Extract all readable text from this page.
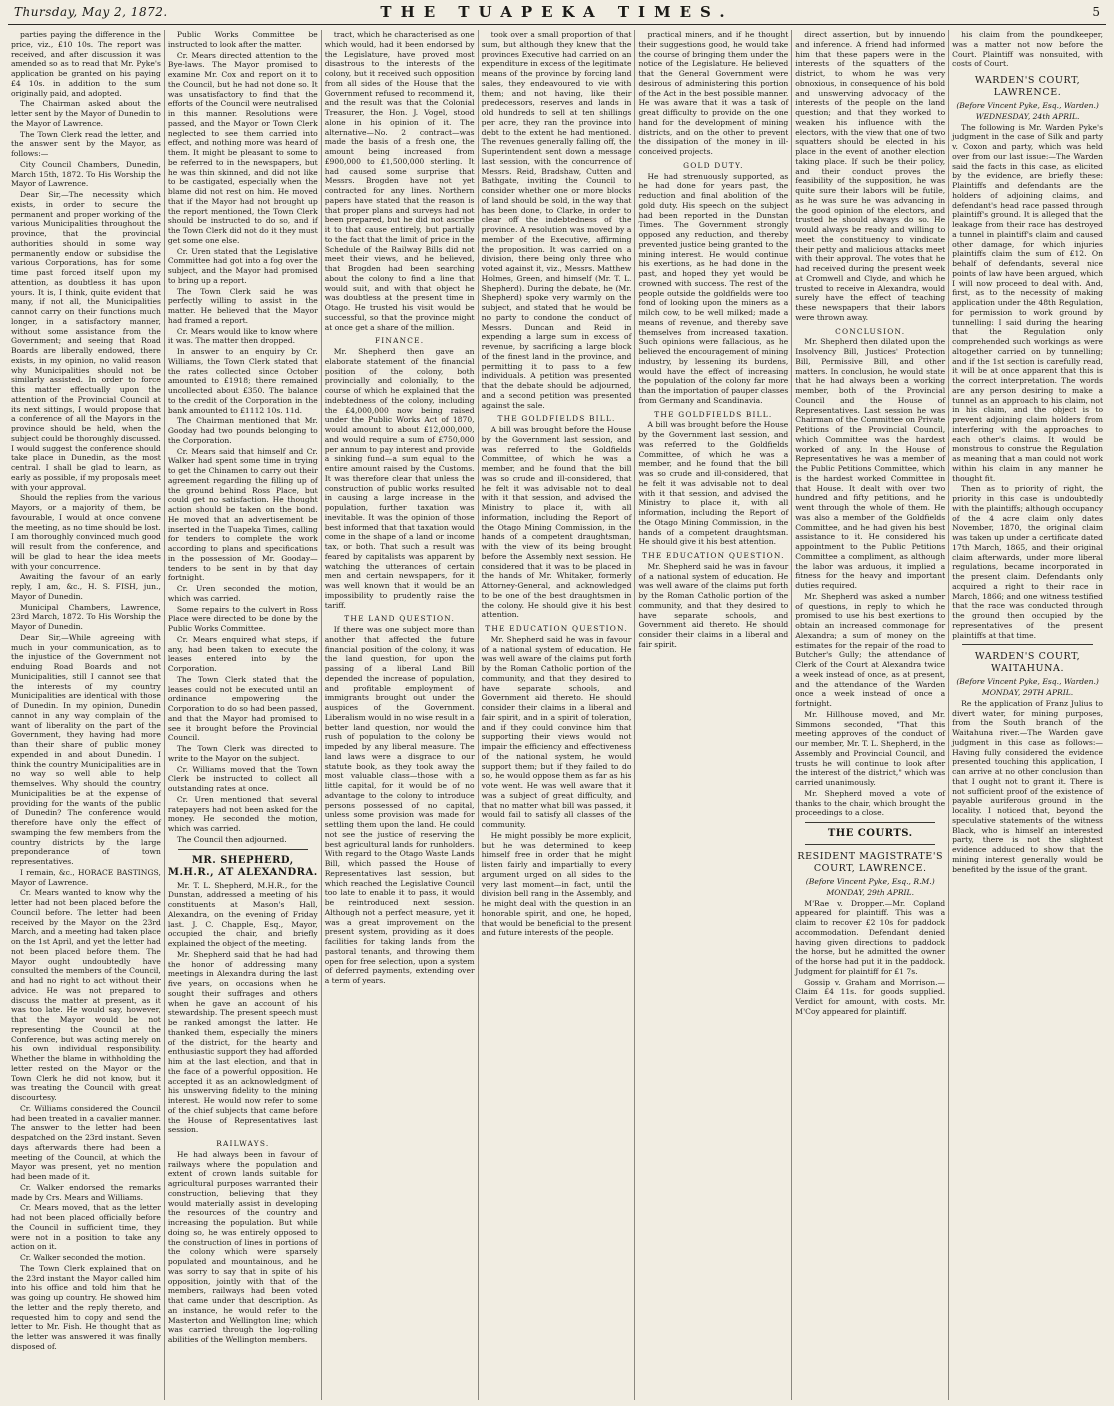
Thursday, May 2, 1872.	THE TUAPEKA TIMES.	5

parties paying the difference in the price, viz., £10 10s. The report was received, and after discussion it was amended so as to read that Mr. Pyke's application be granted on his paying £4 10s. in addition to the sum originally paid, and adopted.

The Chairman asked about the letter sent by the Mayor of Dunedin to the Mayor of Lawrence.

The Town Clerk read the letter, and the answer sent by the Mayor, as follows:—

City Council Chambers, Dunedin, March 15th, 1872. To His Worship the Mayor of Lawrence.

Dear Sir,—The necessity which exists, in order to secure the permanent and proper working of the various Municipalities throughout the province, that the provincial authorities should in some way permanently endow or subsidise the various Corporations, has for some time past forced itself upon my attention, as doubtless it has upon yours. It is, I think, quite evident that many, if not all, the Municipalities cannot carry on their functions much longer, in a satisfactory manner, without some assistance from the Government; and seeing that Road Boards are liberally endowed, there exists, in my opinion, no valid reason why Municipalities should not be similarly assisted. In order to force this matter effectually upon the attention of the Provincial Council at its next sittings, I would propose that a conference of all the Mayors in the province should be held, when the subject could be thoroughly discussed. I would suggest the conference should take place in Dunedin, as the most central. I shall be glad to learn, as early as possible, if my proposals meet with your approval.

Should the replies from the various Mayors, or a majority of them, be favourable, I would at once convene the meeting, as no time should be lost. I am thoroughly convinced much good will result from the conference, and will be glad to hear the idea meets with your concurrence.

Awaiting the favour of an early reply, I am, &c., H. S. FISH, jun., Mayor of Dunedin.

Municipal Chambers, Lawrence, 23rd March, 1872. To His Worship the Mayor of Dunedin.

Dear Sir,—While agreeing with much in your communication, as to the injustice of the Government not enduing Road Boards and not Municipalities, still I cannot see that the interests of my country Municipalities are identical with those of Dunedin. In my opinion, Dunedin cannot in any way complain of the want of liberality on the part of the Government, they having had more than their share of public money expended in and about Dunedin. I think the country Municipalities are in no way so well able to help themselves. Why should the country Municipalities be at the expense of providing for the wants of the public of Dunedin? The conference would therefore have only the effect of swamping the few members from the country districts by the large preponderance of town representatives.

I remain, &c., HORACE BASTINGS, Mayor of Lawrence.

Cr. Mears wanted to know why the letter had not been placed before the Council before. The letter had been received by the Mayor on the 23rd March, and a meeting had taken place on the 1st April, and yet the letter had not been placed before them. The Mayor ought undoubtedly have consulted the members of the Council, and had no right to act without their advice. He was not prepared to discuss the matter at present, as it was too late. He would say, however, that the Mayor would be not representing the Council at the Conference, but was acting merely on his own individual responsibility. Whether the blame in withholding the letter rested on the Mayor or the Town Clerk he did not know, but it was treating the Council with great discourtesy.

Cr. Williams considered the Council had been treated in a cavalier manner. The answer to the letter had been despatched on the 23rd instant. Seven days afterwards there had been a meeting of the Council, at which the Mayor was present, yet no mention had been made of it.

Cr. Walker endorsed the remarks made by Crs. Mears and Williams.

Cr. Mears moved, that as the letter had not been placed officially before the Council in sufficient time, they were not in a position to take any action on it.

Cr. Walker seconded the motion.

The Town Clerk explained that on the 23rd instant the Mayor called him into his office and told him that he was going up country. He showed him the letter and the reply thereto, and requested him to copy and send the letter to Mr. Fish. He thought that as the letter was answered it was finally disposed of.

Public Works Committee be instructed to look after the matter.

Cr. Mears directed attention to the Bye-laws. The Mayor promised to examine Mr. Cox and report on it to the Council, but he had not done so. It was unsatisfactory to find that the efforts of the Council were neutralised in this manner. Resolutions were passed, and the Mayor or Town Clerk neglected to see them carried into effect, and nothing more was heard of them. It might be pleasant to some to be referred to in the newspapers, but he was thin skinned, and did not like to be castigated, especially when the blame did not rest on him. He moved that if the Mayor had not brought up the report mentioned, the Town Clerk should be instructed to do so, and if the Town Clerk did not do it they must get some one else.

Cr. Uren stated that the Legislative Committee had got into a fog over the subject, and the Mayor had promised to bring up a report.

The Town Clerk said he was perfectly willing to assist in the matter. He believed that the Mayor had framed a report.

Cr. Mears would like to know where it was. The matter then dropped.

In answer to an enquiry by Cr. Williams, the Town Clerk stated that the rates collected since October amounted to £1918; there remained uncollected about £350. The balance to the credit of the Corporation in the bank amounted to £1112 10s. 11d.

The Chairman mentioned that Mr. Gooday had two pounds belonging to the Corporation.

Cr. Mears said that himself and Cr. Walker had spent some time in trying to get the Chinamen to carry out their agreement regarding the filling up of the ground behind Ross Place, but could get no satisfaction. He thought action should be taken on the bond. He moved that an advertisement be inserted in the Tuapeka Times, calling for tenders to complete the work according to plans and specifications in the possession of Mr. Gooday—tenders to be sent in by that day fortnight.

Cr. Uren seconded the motion, which was carried.

Some repairs to the culvert in Ross Place were directed to be done by the Public Works Committee.

Cr. Mears enquired what steps, if any, had been taken to execute the leases entered into by the Corporation.

The Town Clerk stated that the leases could not be executed until an ordinance empowering the Corporation to do so had been passed, and that the Mayor had promised to see it brought before the Provincial Council.

The Town Clerk was directed to write to the Mayor on the subject.

Cr. Williams moved that the Town Clerk be instructed to collect all outstanding rates at once.

Cr. Uren mentioned that several ratepayers had not been asked for the money. He seconded the motion, which was carried.

The Council then adjourned.

MR. SHEPHERD, M.H.R., AT ALEXANDRA.

Mr. T. L. Shepherd, M.H.R., for the Dunstan, addressed a meeting of his constituents at Mason's Hall, Alexandra, on the evening of Friday last. J. C. Chapple, Esq., Mayor, occupied the chair, and briefly explained the object of the meeting.

Mr. Shepherd said that he had had the honor of addressing many meetings in Alexandra during the last five years, on occasions when he sought their suffrages and others when he gave an account of his stewardship. The present speech must be ranked amongst the latter. He thanked them, especially the miners of the district, for the hearty and enthusiastic support they had afforded him at the last election, and that in the face of a powerful opposition. He accepted it as an acknowledgment of his unswerving fidelity to the mining interest. He would now refer to some of the chief subjects that came before the House of Representatives last session.

RAILWAYS.

He had always been in favour of railways where the population and extent of crown lands suitable for agricultural purposes warranted their construction, believing that they would materially assist in developing the resources of the country and increasing the population. But while doing so, he was entirely opposed to the construction of lines in portions of the colony which were sparsely populated and mountainous, and he was sorry to say that in spite of his opposition, jointly with that of the members, railways had been voted that came under that description. As an instance, he would refer to the Masterton and Wellington line; which was carried through the log-rolling abilities of the Wellington members.

tract, which he characterised as one which would, had it been endorsed by the Legislature, have proved most disastrous to the interests of the colony, but it received such opposition from all sides of the House that the Government refused to recommend it, and the result was that the Colonial Treasurer, the Hon. J. Vogel, stood alone in his opinion of it. The alternative—No. 2 contract—was made the basis of a fresh one, the amount being increased from £900,000 to £1,500,000 sterling. It had caused some surprise that Messrs. Brogden have not yet contracted for any lines. Northern papers have stated that the reason is that proper plans and surveys had not been prepared, but he did not ascribe it to that cause entirely, but partially to the fact that the limit of price in the Schedule of the Railway Bills did not meet their views, and he believed, that Brogden had been searching about the colony to find a line that would suit, and with that object he was doubtless at the present time in Otago. He trusted his visit would be successful, so that the province might at once get a share of the million.

FINANCE.

Mr. Shepherd then gave an elaborate statement of the financial position of the colony, both provincially and colonially, to the course of which he explained that the indebtedness of the colony, including the £4,000,000 now being raised under the Public Works Act of 1870, would amount to about £12,000,000, and would require a sum of £750,000 per annum to pay interest and provide a sinking fund—a sum equal to the entire amount raised by the Customs. It was therefore clear that unless the construction of public works resulted in causing a large increase in the population, further taxation was inevitable. It was the opinion of those best informed that that taxation would come in the shape of a land or income tax, or both. That such a result was feared by capitalists was apparent by watching the utterances of certain men and certain newspapers, for it was well known that it would be an impossibility to prudently raise the tariff.

THE LAND QUESTION.

If there was one subject more than another that affected the future financial position of the colony, it was the land question, for upon the passing of a liberal Land Bill depended the increase of population, and profitable employment of immigrants brought out under the auspices of the Government. Liberalism would in no wise result in a better land question, nor would the rush of population to the colony be impeded by any liberal measure. The land laws were a disgrace to our statute book, as they took away the most valuable class—those with a little capital, for it would be of no advantage to the colony to introduce persons possessed of no capital, unless some provision was made for settling them upon the land. He could not see the justice of reserving the best agricultural lands for runholders. With regard to the Otago Waste Lands Bill, which passed the House of Representatives last session, but which reached the Legislative Council too late to enable it to pass, it would be reintroduced next session. Although not a perfect measure, yet it was a great improvement on the present system, providing as it does facilities for taking lands from the pastoral tenants, and throwing them open for free selection, upon a system of deferred payments, extending over a term of years.

took over a small proportion of that sum, but although they knew that the provinces Executive had carried on an expenditure in excess of the legitimate means of the province by forcing land sales, they endeavoured to vie with them; and not having, like their predecessors, reserves and lands in old hundreds to sell at ten shillings per acre, they ran the province into debt to the extent he had mentioned. The revenues generally falling off, the Superintendent sent down a message last session, with the concurrence of Messrs. Reid, Bradshaw, Cutten and Bathgate, inviting the Council to consider whether one or more blocks of land should be sold, in the way that has been done, to Clarke, in order to clear off the indebtedness of the province. A resolution was moved by a member of the Executive, affirming the proposition. It was carried on a division, there being only three who voted against it, viz., Messrs. Matthew Holmes, Green, and himself (Mr. T. L. Shepherd). During the debate, he (Mr. Shepherd) spoke very warmly on the subject, and stated that he would be no party to condone the conduct of Messrs. Duncan and Reid in expending a large sum in excess of revenue, by sacrificing a large block of the finest land in the province, and permitting it to pass to a few individuals. A petition was presented that the debate should be adjourned, and a second petition was presented against the sale.

THE GOLDFIELDS BILL.

A bill was brought before the House by the Government last session, and was referred to the Goldfields Committee, of which he was a member, and he found that the bill was so crude and ill-considered, that he felt it was advisable not to deal with it that session, and advised the Ministry to place it, with all information, including the Report of the Otago Mining Commission, in the hands of a competent draughtsman, with the view of its being brought before the Assembly next session. He considered that it was to be placed in the hands of Mr. Whitaker, formerly Attorney-General, and acknowledged to be one of the best draughtsmen in the colony. He should give it his best attention.

THE EDUCATION QUESTION.

Mr. Shepherd said he was in favour of a national system of education. He was well aware of the claims put forth by the Roman Catholic portion of the community, and that they desired to have separate schools, and Government aid thereto. He should consider their claims in a liberal and fair spirit, and in a spirit of toleration, and if they could convince him that supporting their views would not impair the efficiency and effectiveness of the national system, he would support them; but if they failed to do so, he would oppose them as far as his vote went. He was well aware that it was a subject of great difficulty, and that no matter what bill was passed, it would fail to satisfy all classes of the community.

He might possibly be more explicit, but he was determined to keep himself free in order that he might listen fairly and impartially to every argument urged on all sides to the very last moment—in fact, until the division bell rang in the Assembly, and he might deal with the question in an honorable spirit, and one, he hoped, that would be beneficial to the present and future interests of the people.

practical miners, and if he thought their suggestions good, he would take the course of bringing them under the notice of the Legislature. He believed that the General Government were desirous of administering this portion of the Act in the best possible manner. He was aware that it was a task of great difficulty to provide on the one hand for the development of mining districts, and on the other to prevent the dissipation of the money in ill-conceived projects.

GOLD DUTY.

He had strenuously supported, as he had done for years past, the reduction and final abolition of the gold duty. His speech on the subject had been reported in the Dunstan Times. The Government strongly opposed any reduction, and thereby prevented justice being granted to the mining interest. He would continue his exertions, as he had done in the past, and hoped they yet would be crowned with success. The rest of the people outside the goldfields were too fond of looking upon the miners as a milch cow, to be well milked; made a means of revenue, and thereby save themselves from increased taxation. Such opinions were fallacious, as he believed the encouragement of mining industry, by lessening its burdens, would have the effect of increasing the population of the colony far more than the importation of pauper classes from Germany and Scandinavia.

THE GOLDFIELDS BILL.

A bill was brought before the House by the Government last session, and was referred to the Goldfields Committee, of which he was a member, and he found that the bill was so crude and ill-considered, that he felt it was advisable not to deal with it that session, and advised the Ministry to place it, with all information, including the Report of the Otago Mining Commission, in the hands of a competent draughtsman. He should give it his best attention.

THE EDUCATION QUESTION.

Mr. Shepherd said he was in favour of a national system of education. He was well aware of the claims put forth by the Roman Catholic portion of the community, and that they desired to have separate schools, and Government aid thereto. He should consider their claims in a liberal and fair spirit.

direct assertion, but by innuendo and inference. A friend had informed him that these papers were in the interests of the squatters of the district, to whom he was very obnoxious, in consequence of his bold and unswerving advocacy of the interests of the people on the land question; and that they worked to weaken his influence with the electors, with the view that one of two squatters should be elected in his place in the event of another election taking place. If such be their policy, and their conduct proves the feasibility of the supposition, he was quite sure their labors will be futile, as he was sure he was advancing in the good opinion of the electors, and trusted he should always do so. He would always be ready and willing to meet the constituency to vindicate their petty and malicious attacks meet with their approval. The votes that he had received during the present week at Cromwell and Clyde, and which he trusted to receive in Alexandra, would surely have the effect of teaching these newspapers that their labors were thrown away.

CONCLUSION.

Mr. Shepherd then dilated upon the Insolvency Bill, Justices' Protection Bill, Permissive Bill, and other matters. In conclusion, he would state that he had always been a working member, both of the Provincial Council and the House of Representatives. Last session he was Chairman of the Committee on Private Petitions of the Provincial Council, which Committee was the hardest worked of any. In the House of Representatives he was a member of the Public Petitions Committee, which is the hardest worked Committee in that House. It dealt with over two hundred and fifty petitions, and he went through the whole of them. He was also a member of the Goldfields Committee, and he had given his best assistance to it. He considered his appointment to the Public Petitions Committee a compliment, as although the labor was arduous, it implied a fitness for the heavy and important duties required.

Mr. Shepherd was asked a number of questions, in reply to which he promised to use his best exertions to obtain an increased commonage for Alexandra; a sum of money on the estimates for the repair of the road to Butcher's Gully; the attendance of Clerk of the Court at Alexandra twice a week instead of once, as at present, and the attendance of the Warden once a week instead of once a fortnight.

Mr. Hillhouse moved, and Mr. Simmons seconded, "That this meeting approves of the conduct of our member, Mr. T. L. Shepherd, in the Assembly and Provincial Council, and trusts he will continue to look after the interest of the district," which was carried unanimously.

Mr. Shepherd moved a vote of thanks to the chair, which brought the proceedings to a close.

THE COURTS.
RESIDENT MAGISTRATE'S COURT, LAWRENCE.
(Before Vincent Pyke, Esq., R.M.)
MONDAY, 29th APRIL.

M'Rae v. Dropper.—Mr. Copland appeared for plaintiff. This was a claim to recover £2 10s for paddock accommodation. Defendant denied having given directions to paddock the horse, but he admitted the owner of the horse had put it in the paddock. Judgment for plaintiff for £1 7s.

Gossip v. Graham and Morrison.—Claim £4 11s. for goods supplied. Verdict for amount, with costs. Mr. M'Coy appeared for plaintiff.

his claim from the poundkeeper, was a matter not now before the Court. Plaintiff was nonsuited, with costs of Court.

WARDEN'S COURT, LAWRENCE.
(Before Vincent Pyke, Esq., Warden.)
WEDNESDAY, 24th APRIL.

The following is Mr. Warden Pyke's judgment in the case of Silk and party v. Coxon and party, which was held over from our last issue:—The Warden said the facts in this case, as elicited by the evidence, are briefly these: Plaintiffs and defendants are the holders of adjoining claims, and defendant's head race passed through plaintiff's ground. It is alleged that the leakage from their race has destroyed a tunnel in plaintiff's claim and caused other damage, for which injuries plaintiffs claim the sum of £12. On behalf of defendants, several nice points of law have been argued, which I will now proceed to deal with. And, first, as to the necessity of making application under the 48th Regulation, for permission to work ground by tunnelling: I said during the hearing that the Regulation only comprehended such workings as were altogether carried on by tunnelling; and if the 1st section is carefully read, it will be at once apparent that this is the correct interpretation. The words are any person desiring to make a tunnel as an approach to his claim, not in his claim, and the object is to prevent adjoining claim holders from interfering with the approaches to each other's claims. It would be monstrous to construe the Regulation as meaning that a man could not work within his claim in any manner he thought fit.

Then as to priority of right, the priority in this case is undoubtedly with the plaintiffs; although occupancy of the 4 acre claim only dates November, 1870, the original claim was taken up under a certificate dated 17th March, 1865, and their original claim afterwards, under more liberal regulations, became incorporated in the present claim. Defendants only acquired a right to their race in March, 1866; and one witness testified that the race was conducted through the ground then occupied by the representatives of the present plaintiffs at that time.

WARDEN'S COURT, WAITAHUNA.
(Before Vincent Pyke, Esq., Warden.)
MONDAY, 29TH APRIL.

Re the application of Franz Julius to divert water, for mining purposes, from the South branch of the Waitahuna river.—The Warden gave judgment in this case as follows:—Having fully considered the evidence presented touching this application, I can arrive at no other conclusion than that I ought not to grant it. There is not sufficient proof of the existence of payable auriferous ground in the locality. I noticed that, beyond the speculative statements of the witness Black, who is himself an interested party, there is not the slightest evidence adduced to show that the mining interest generally would be benefited by the issue of the grant.
